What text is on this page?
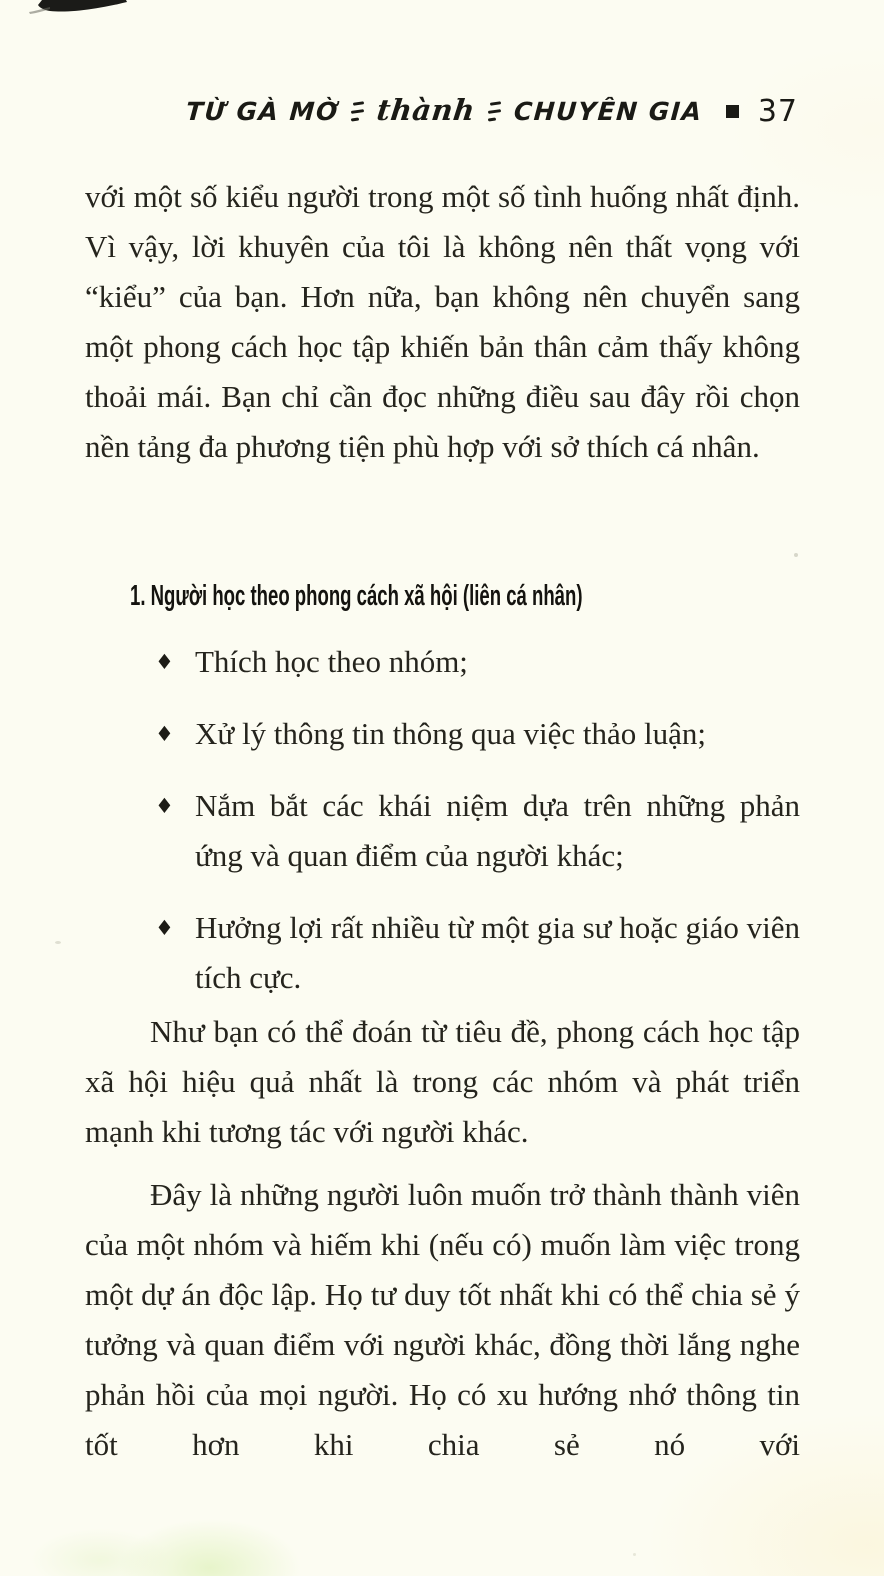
TỪ GÀ MỜ thành CHUYÊN GIA 37

với một số kiểu người trong một số tình huống nhất định. Vì vậy, lời khuyên của tôi là không nên thất vọng với “kiểu” của bạn. Hơn nữa, bạn không nên chuyển sang một phong cách học tập khiến bản thân cảm thấy không thoải mái. Bạn chỉ cần đọc những điều sau đây rồi chọn nền tảng đa phương tiện phù hợp với sở thích cá nhân.

1. Người học theo phong cách xã hội (liên cá nhân)
♦ Thích học theo nhóm;
♦ Xử lý thông tin thông qua việc thảo luận;
♦ Nắm bắt các khái niệm dựa trên những phản ứng và quan điểm của người khác;
♦ Hưởng lợi rất nhiều từ một gia sư hoặc giáo viên tích cực.

Như bạn có thể đoán từ tiêu đề, phong cách học tập xã hội hiệu quả nhất là trong các nhóm và phát triển mạnh khi tương tác với người khác.

Đây là những người luôn muốn trở thành thành viên của một nhóm và hiếm khi (nếu có) muốn làm việc trong một dự án độc lập. Họ tư duy tốt nhất khi có thể chia sẻ ý tưởng và quan điểm với người khác, đồng thời lắng nghe phản hồi của mọi người. Họ có xu hướng nhớ thông tin tốt hơn khi chia sẻ nó với
